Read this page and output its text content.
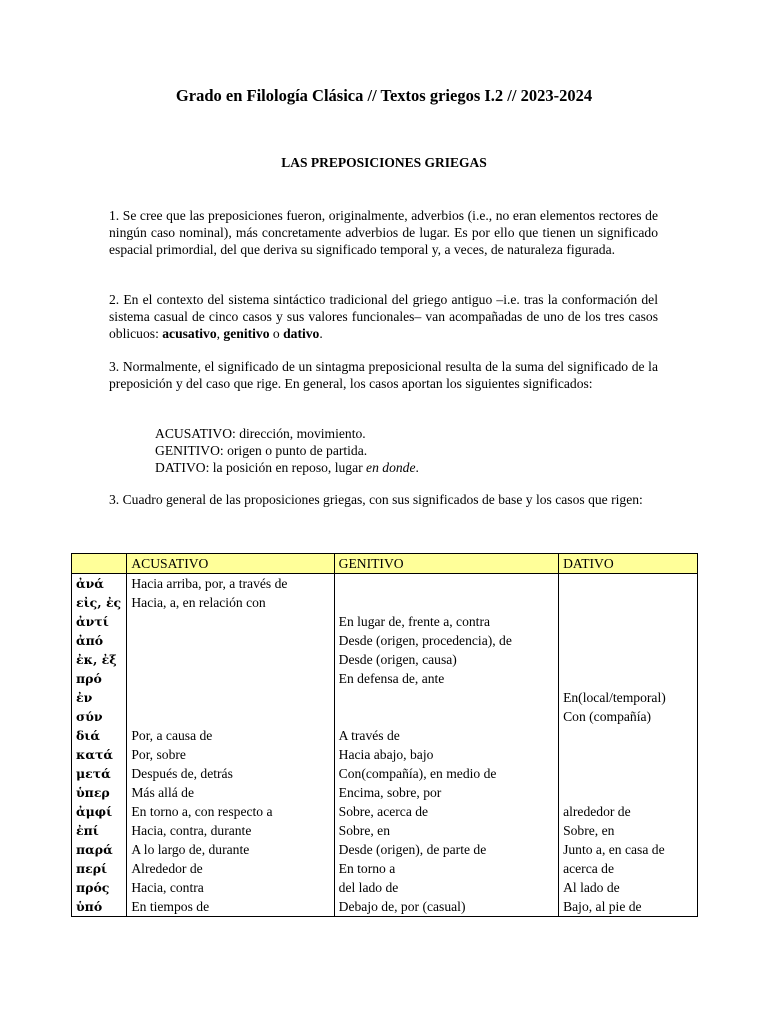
Grado en Filología Clásica // Textos griegos I.2 // 2023-2024
LAS PREPOSICIONES GRIEGAS
1. Se cree que las preposiciones fueron, originalmente, adverbios (i.e., no eran elementos rectores de ningún caso nominal), más concretamente adverbios de lugar. Es por ello que tienen un significado espacial primordial, del que deriva su significado temporal y, a veces, de naturaleza figurada.
2. En el contexto del sistema sintáctico tradicional del griego antiguo –i.e. tras la conformación del sistema casual de cinco casos y sus valores funcionales– van acompañadas de uno de los tres casos oblicuos: acusativo, genitivo o dativo.
3. Normalmente, el significado de un sintagma preposicional resulta de la suma del significado de la preposición y del caso que rige. En general, los casos aportan los siguientes significados:
ACUSATIVO: dirección, movimiento.
GENITIVO: origen o punto de partida.
DATIVO: la posición en reposo, lugar en donde.
3. Cuadro general de las proposiciones griegas, con sus significados de base y los casos que rigen:
	ACUSATIVO	GENITIVO	DATIVO
ἀνά	Hacia arriba, por, a través de		
εἰς, ἐς	Hacia, a, en relación con		
ἀντί		En lugar de, frente a, contra	
ἀπό		Desde (origen, procedencia), de	
ἐκ, ἐξ		Desde (origen, causa)	
πρό		En defensa de, ante	
ἐν			En(local/temporal)
σύν			Con (compañía)
διά	Por, a causa de	A través de	
κατά	Por, sobre	Hacia abajo, bajo	
μετά	Después de, detrás	Con(compañía), en medio de	
ὑπερ	Más allá de	Encima, sobre, por	
ἀμφί	En torno a, con respecto a	Sobre, acerca de	alrededor de
ἐπί	Hacia, contra, durante	Sobre, en	Sobre, en
παρά	A lo largo de, durante	Desde (origen), de parte de	Junto a, en casa de
περί	Alrededor de	En torno a	acerca de
πρός	Hacia, contra	del lado de	Al lado de
ὑπό	En tiempos de	Debajo de, por (casual)	Bajo, al pie de
